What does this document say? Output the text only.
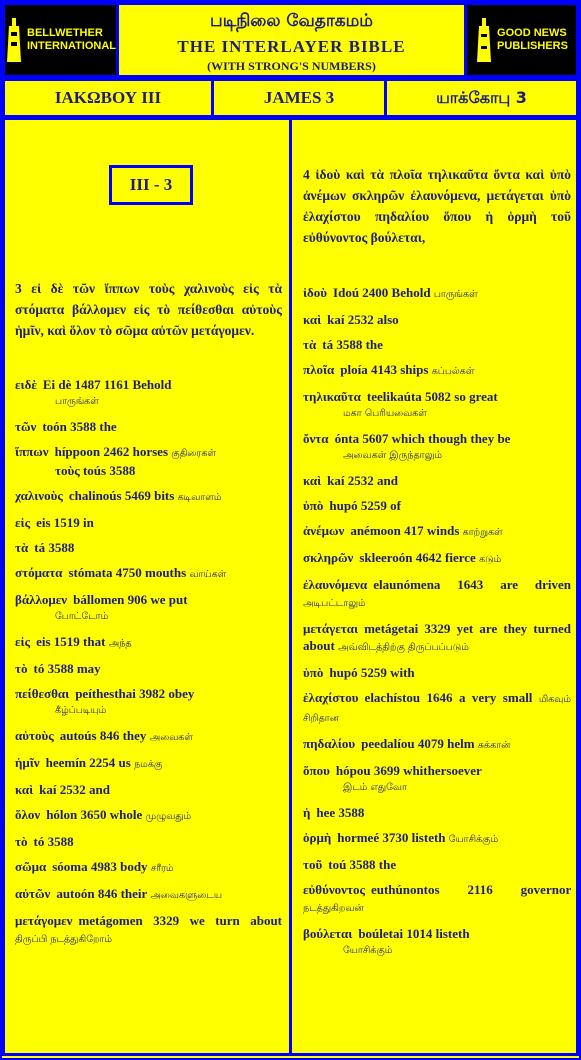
BELLWETHER
INTERNATIONAL
படிநிலை வேதாகமம்
THE INTERLAYER BIBLE
(WITH STRONG'S NUMBERS)
GOOD NEWS
PUBLISHERS
ΙΑΚΩΒΟΥ III	JAMES 3	யாக்கோபு 3
III - 3
3 εἰ δὲ τῶν ἵππων τοὺς χαλινοὺς εἰς τὰ στόματα βάλλομεν εἰς τὸ πείθεσθαι αὐτοὺς ἡμῖν, καὶ ὅλον τὸ σῶμα αὐτῶν μετάγομεν.
ειδὲ Ei dè 1487 1161 Behold
பாருங்கள்
τῶν toón 3588 the
ἵππων híppoon 2462 horses குதிரைகள்
τοὺς toús 3588
χαλινοὺς chalinoús 5469 bits கடிவாளம்
εἰς eis 1519 in
τὰ tá 3588
στόματα stómata 4750 mouths வாய்கள்
βάλλομεν bállomen 906 we put
போட்டோம்
εἰς eis 1519 that அந்த
τὸ tó 3588 may
πείθεσθαι peíthesthai 3982 obey
கீழ்ப்படியும்
αὐτοὺς autoús 846 they அவைகள்
ἡμῖν heemín 2254 us நமக்கு
καὶ kaí 2532 and
ὅλον hólon 3650 whole முழுவதும்
τὸ tó 3588
σῶμα sóoma 4983 body சரீரம்
αὐτῶν autoón 846 their அவைகளுடைய
μετάγομεν metágomen 3329 we turn about திருப்பி நடத்துகிறோம்
4 ἰδοὺ καὶ τὰ πλοῖα τηλικαῦτα ὄντα καὶ ὑπὸ ἀνέμων σκληρῶν ἐλαυνόμενα, μετάγεται ὑπὸ ἐλαχίστου πηδαλίου ὅπου ἡ ὁρμὴ τοῦ εὐθύνοντος βούλεται,
ἰδοὺ Idoú 2400 Behold பாருங்கள்
καὶ kaí 2532 also
τὰ tá 3588 the
πλοῖα ploía 4143 ships கப்பல்கள்
τηλικαῦτα teelikaúta 5082 so great
மகா பெரியவைகள்
ὄντα ónta 5607 which though they be
அவைகள் இருந்தாலும்
καὶ kaí 2532 and
ὑπὸ hupó 5259 of
ἀνέμων anémoon 417 winds காற்றுகள்
σκληρῶν skleeroón 4642 fierce கடும்
ἐλαυνόμενα elaunómena 1643 are driven அடிபட்டாலும்
μετάγεται metágetai 3329 yet are they turned about அவ்விடத்திற்கு திருப்பப்படும்
ὑπὸ hupó 5259 with
ἐλαχίστου elachístou 1646 a very small மிகவும் சிறிதான
πηδαλίου peedalíou 4079 helm சுக்கான்
ὅπου hópou 3699 whithersoever
இடம் எதுவோ
ἡ hee 3588
ὁρμὴ hormeé 3730 listeth யோசிக்கும்
τοῦ toú 3588 the
εὐθύνοντος euthúnontos 2116 governor நடத்துகிறவன்
βούλεται boúletai 1014 listeth
யோசிக்கும்
